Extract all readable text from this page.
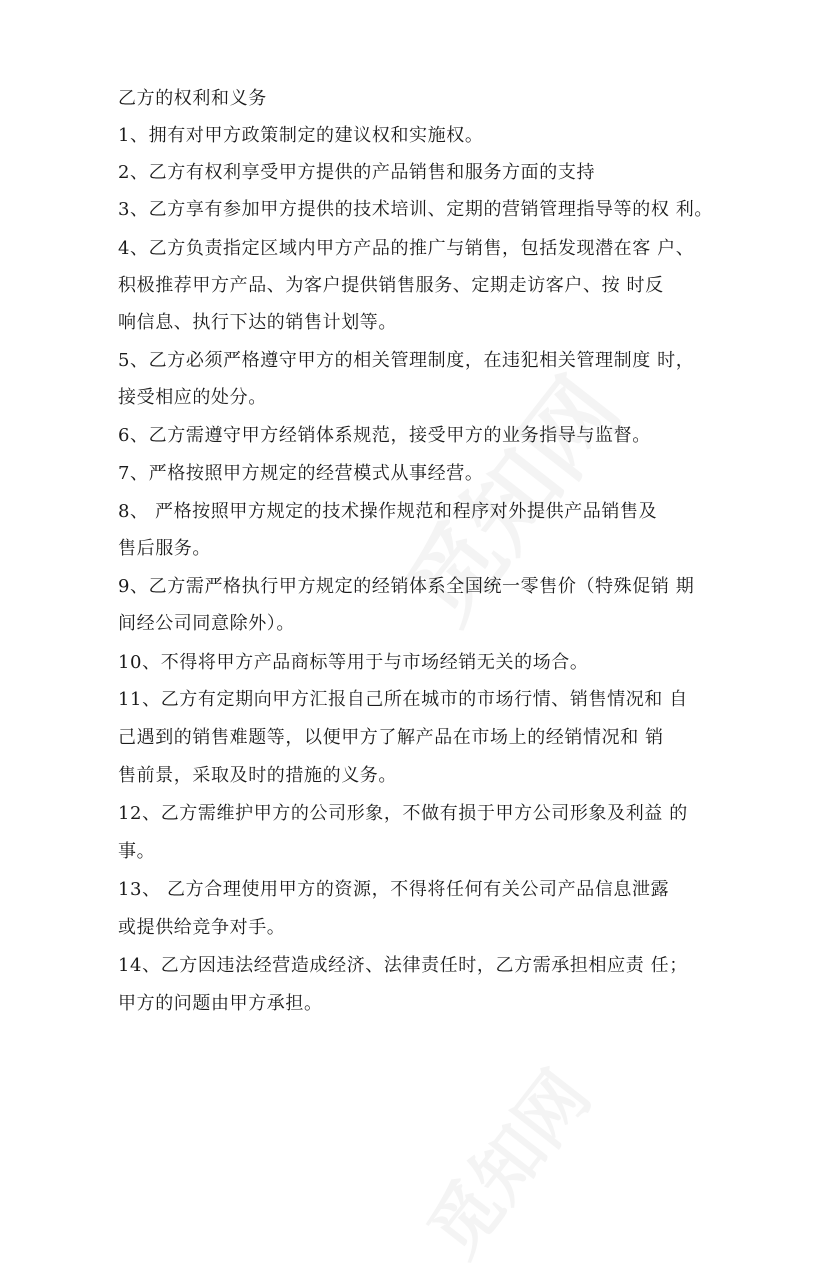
乙方的权利和义务
1、拥有对甲方政策制定的建议权和实施权。
2、乙方有权利享受甲方提供的产品销售和服务方面的支持
3、乙方享有参加甲方提供的技术培训、定期的营销管理指导等的权 利。
4、乙方负责指定区域内甲方产品的推广与销售，包括发现潜在客 户、
积极推荐甲方产品、为客户提供销售服务、定期走访客户、按 时反
响信息、执行下达的销售计划等。
5、乙方必须严格遵守甲方的相关管理制度，在违犯相关管理制度 时，
接受相应的处分。
6、乙方需遵守甲方经销体系规范，接受甲方的业务指导与监督。
7、严格按照甲方规定的经营模式从事经营。
8、 严格按照甲方规定的技术操作规范和程序对外提供产品销售及
售后服务。
9、乙方需严格执行甲方规定的经销体系全国统一零售价（特殊促销 期
间经公司同意除外）。
10、不得将甲方产品商标等用于与市场经销无关的场合。
11、乙方有定期向甲方汇报自己所在城市的市场行情、销售情况和 自
己遇到的销售难题等，以便甲方了解产品在市场上的经销情况和 销
售前景，采取及时的措施的义务。
12、乙方需维护甲方的公司形象，不做有损于甲方公司形象及利益 的
事。
13、 乙方合理使用甲方的资源，不得将任何有关公司产品信息泄露
或提供给竞争对手。
14、乙方因违法经营造成经济、法律责任时，乙方需承担相应责 任；
甲方的问题由甲方承担。
